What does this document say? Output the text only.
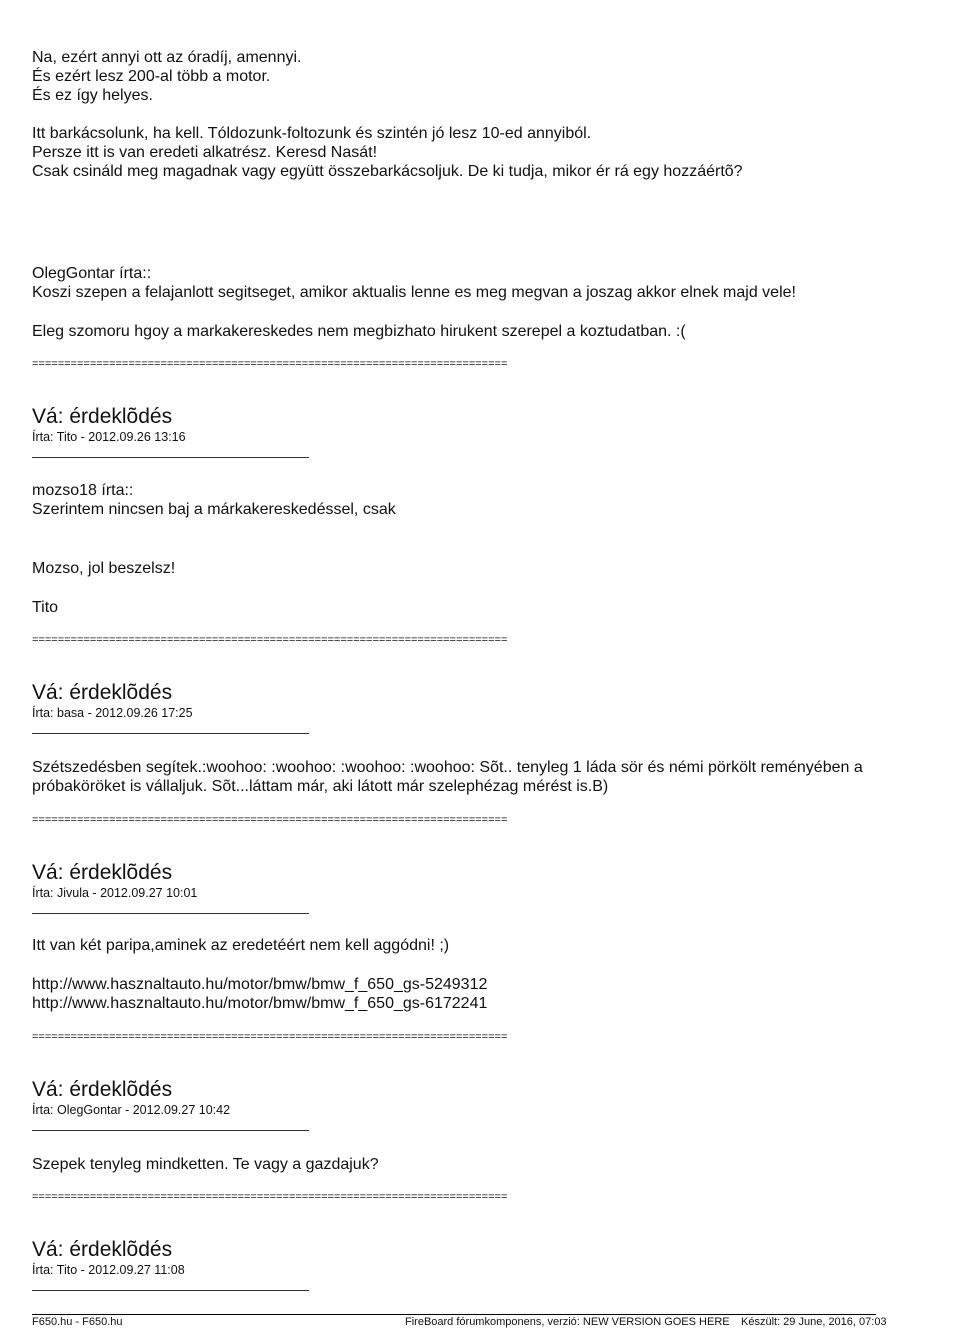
Na, ezért annyi ott az óradíj, amennyi.
És ezért lesz 200-al több a motor.
És ez így helyes.
Itt barkácsolunk, ha kell. Tóldozunk-foltozunk és szintén jó lesz 10-ed annyiból.
Persze itt is van eredeti alkatrész. Keresd Nasát!
Csak csináld meg magadnak vagy együtt összebarkácsoljuk. De ki tudja, mikor ér rá egy hozzáértõ?
OlegGontar írta::
Koszi szepen a felajanlott segitseget, amikor aktualis lenne es meg megvan a joszag akkor elnek majd vele!
Eleg szomoru hgoy a markakereskedes nem megbizhato hirukent szerepel a koztudatban. :(
==========================================================================
Vá: érdeklõdés
Írta: Tito - 2012.09.26 13:16
mozso18 írta::
Szerintem nincsen baj a márkakereskedéssel, csak
Mozso, jol beszelsz!
Tito
==========================================================================
Vá: érdeklõdés
Írta: basa - 2012.09.26 17:25
Szétszedésben segítek.:woohoo: :woohoo: :woohoo: :woohoo: Sõt.. tenyleg 1 láda sör és némi pörkölt reményében a próbaköröket is vállaljuk. Sõt...láttam már, aki látott már szelephézag mérést is.B)
==========================================================================
Vá: érdeklõdés
Írta: Jivula - 2012.09.27 10:01
Itt van két paripa,aminek az eredetéért nem kell aggódni! ;)
http://www.hasznaltauto.hu/motor/bmw/bmw_f_650_gs-5249312
http://www.hasznaltauto.hu/motor/bmw/bmw_f_650_gs-6172241
==========================================================================
Vá: érdeklõdés
Írta: OlegGontar - 2012.09.27 10:42
Szepek tenyleg mindketten. Te vagy a gazdajuk?
==========================================================================
Vá: érdeklõdés
Írta: Tito - 2012.09.27 11:08
F650.hu - F650.hu	FireBoard fórumkomponens, verzió: NEW VERSION GOES HERE Készült: 29 June, 2016, 07:03
